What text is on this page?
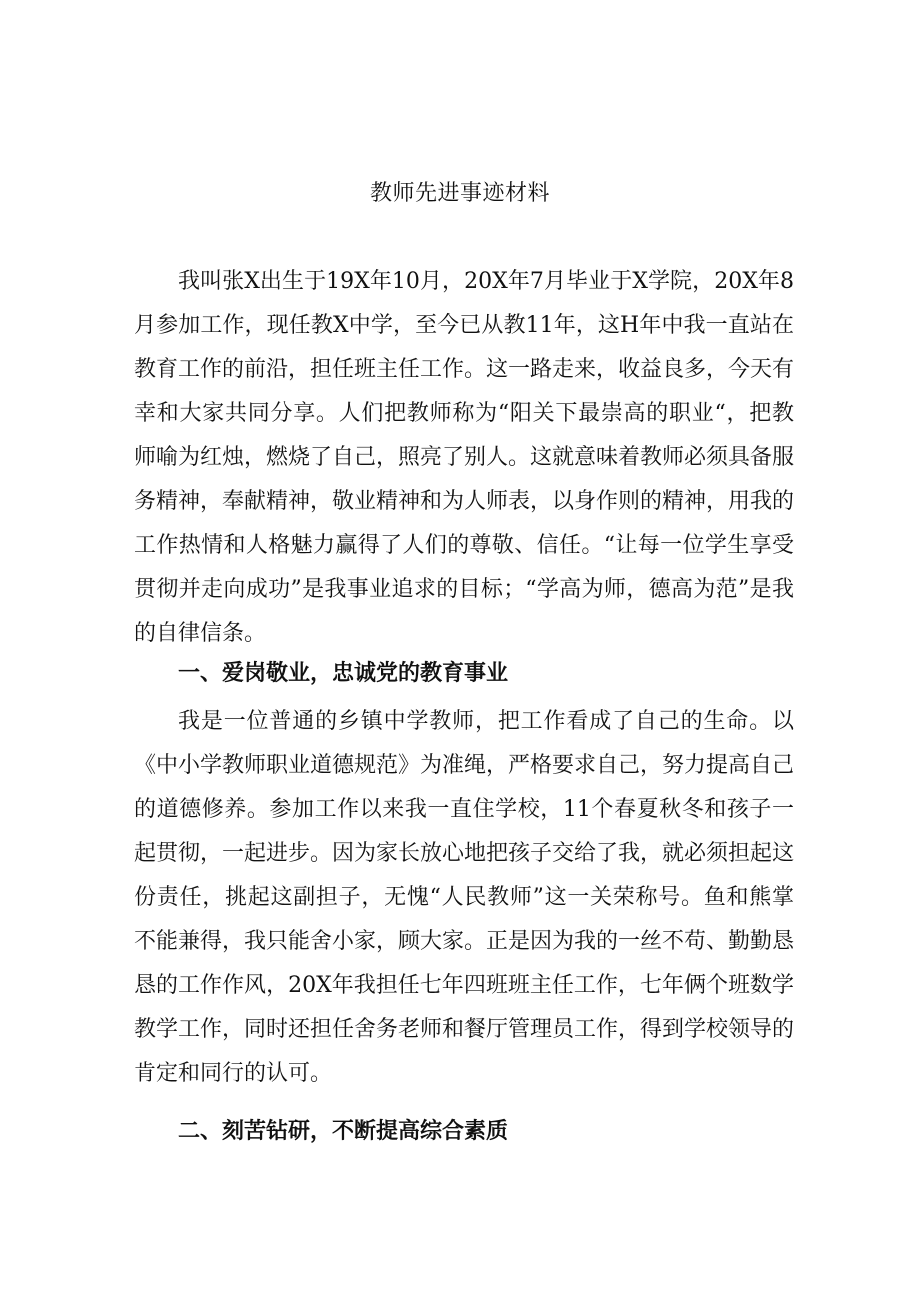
教师先进事迹材料

我叫张X出生于19X年10月，20X年7月毕业于X学院，20X年8月参加工作，现任教X中学，至今已从教11年，这H年中我一直站在教育工作的前沿，担任班主任工作。这一路走来，收益良多，今天有幸和大家共同分享。人们把教师称为“阳关下最崇高的职业“，把教师喻为红烛，燃烧了自己，照亮了别人。这就意味着教师必须具备服务精神，奉献精神，敬业精神和为人师表，以身作则的精神，用我的工作热情和人格魅力赢得了人们的尊敬、信任。“让每一位学生享受贯彻并走向成功”是我事业追求的目标；“学高为师，德高为范”是我的自律信条。

一、爱岗敬业，忠诚党的教育事业

我是一位普通的乡镇中学教师，把工作看成了自己的生命。以《中小学教师职业道德规范》为准绳，严格要求自己，努力提高自己的道德修养。参加工作以来我一直住学校，11个春夏秋冬和孩子一起贯彻，一起进步。因为家长放心地把孩子交给了我，就必须担起这份责任，挑起这副担子，无愧“人民教师”这一关荣称号。鱼和熊掌不能兼得，我只能舍小家，顾大家。正是因为我的一丝不苟、勤勤恳恳的工作作风，20X年我担任七年四班班主任工作，七年俩个班数学教学工作，同时还担任舍务老师和餐厅管理员工作，得到学校领导的肯定和同行的认可。

二、刻苦钻研，不断提高综合素质
